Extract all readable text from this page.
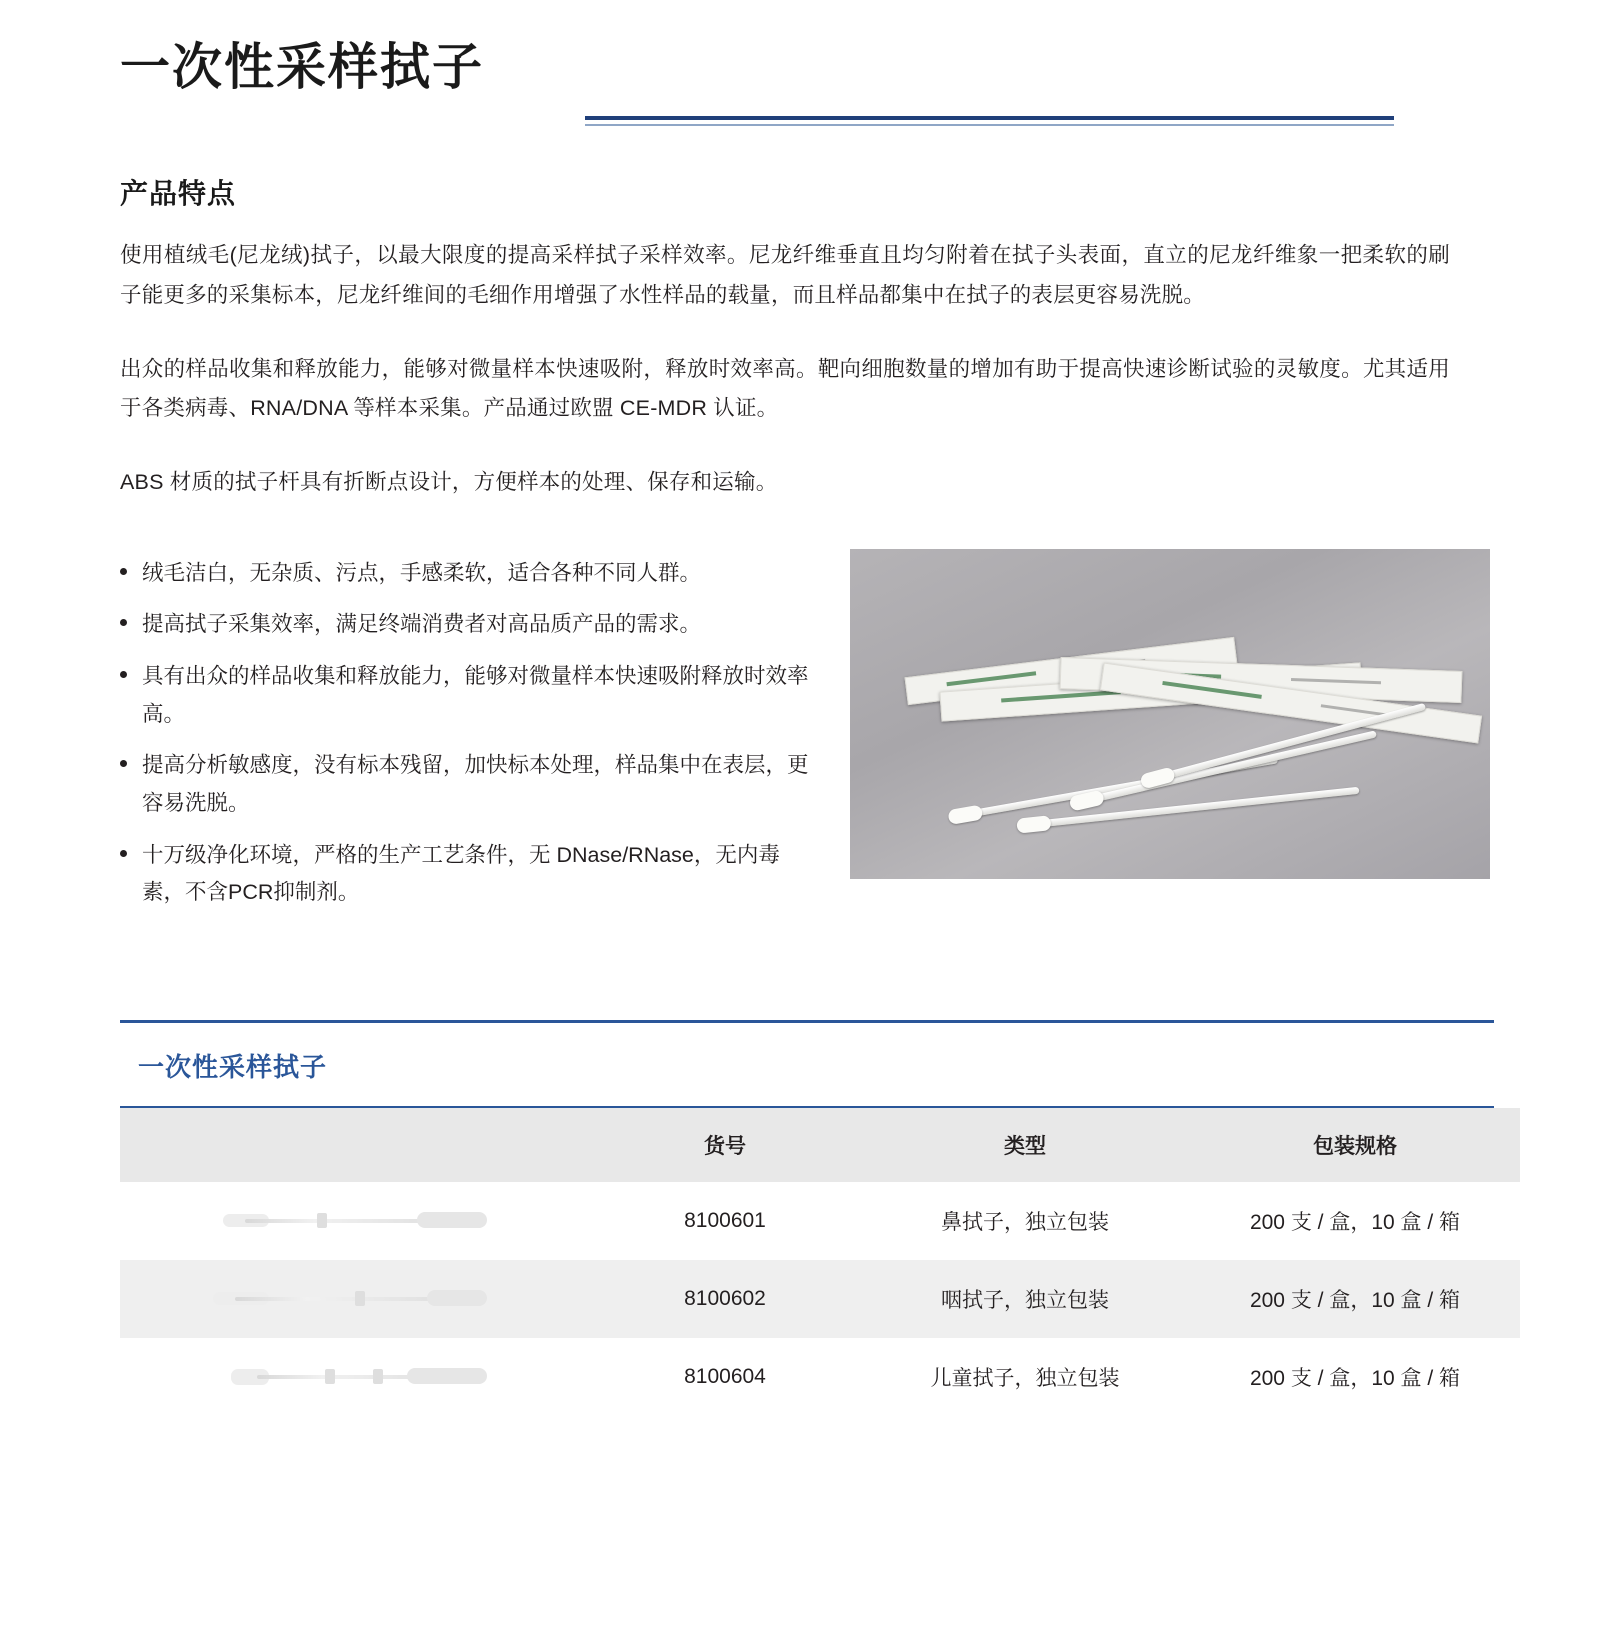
一次性采样拭子
产品特点

使用植绒毛(尼龙绒)拭子，以最大限度的提高采样拭子采样效率。尼龙纤维垂直且均匀附着在拭子头表面，直立的尼龙纤维象一把柔软的刷子能更多的采集标本，尼龙纤维间的毛细作用增强了水性样品的载量，而且样品都集中在拭子的表层更容易洗脱。

出众的样品收集和释放能力，能够对微量样本快速吸附，释放时效率高。靶向细胞数量的增加有助于提高快速诊断试验的灵敏度。尤其适用于各类病毒、RNA/DNA 等样本采集。产品通过欧盟 CE-MDR 认证。

ABS 材质的拭子杆具有折断点设计，方便样本的处理、保存和运输。

绒毛洁白，无杂质、污点，手感柔软，适合各种不同人群。
提高拭子采集效率，满足终端消费者对高品质产品的需求。
具有出众的样品收集和释放能力，能够对微量样本快速吸附释放时效率高。
提高分析敏感度，没有标本残留，加快标本处理，样品集中在表层，更容易洗脱。
十万级净化环境，严格的生产工艺条件，无 DNase/RNase，无内毒素，不含PCR抑制剂。
一次性采样拭子
	货号	类型	包装规格

	8100601	鼻拭子，独立包装	200 支 / 盒，10 盒 / 箱

	8100602	咽拭子，独立包装	200 支 / 盒，10 盒 / 箱

	8100604	儿童拭子，独立包装	200 支 / 盒，10 盒 / 箱
